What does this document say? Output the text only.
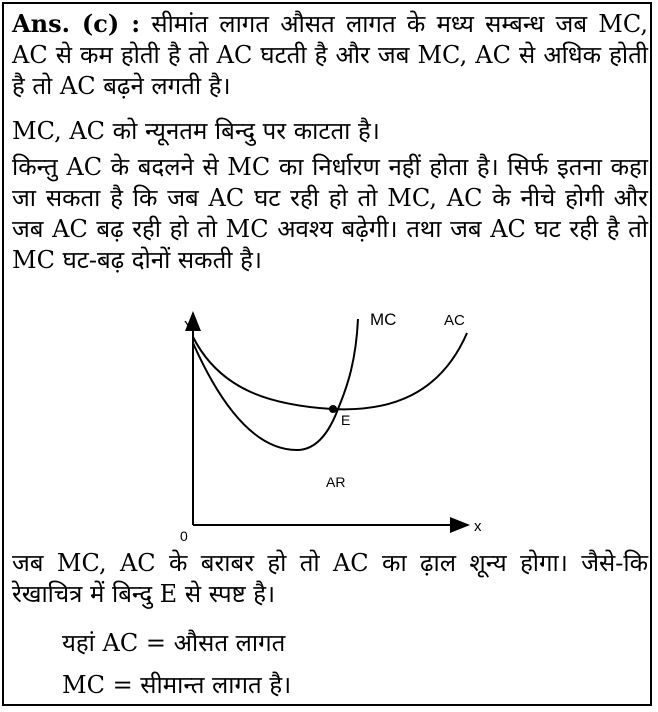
Ans. (c) : सीमांत लागत औसत लागत के मध्य सम्बन्ध जब MC, AC से कम होती है तो AC घटती है और जब MC, AC से अधिक होती है तो AC बढ़ने लगती है।
MC, AC को न्यूनतम बिन्दु पर काटता है।
किन्तु AC के बदलने से MC का निर्धारण नहीं होता है। सिर्फ इतना कहा जा सकता है कि जब AC घट रही हो तो MC, AC के नीचे होगी और जब AC बढ़ रही हो तो MC अवश्य बढ़ेगी। तथा जब AC घट रही है तो MC घट-बढ़ दोनों सकती है।
Y
x
0
MC	AC
E
AR
जब MC, AC के बराबर हो तो AC का ढ़ाल शून्य होगा। जैसे-कि रेखाचित्र में बिन्दु E से स्पष्ट है।
यहां AC = औसत लागत
MC = सीमान्त लागत है।
